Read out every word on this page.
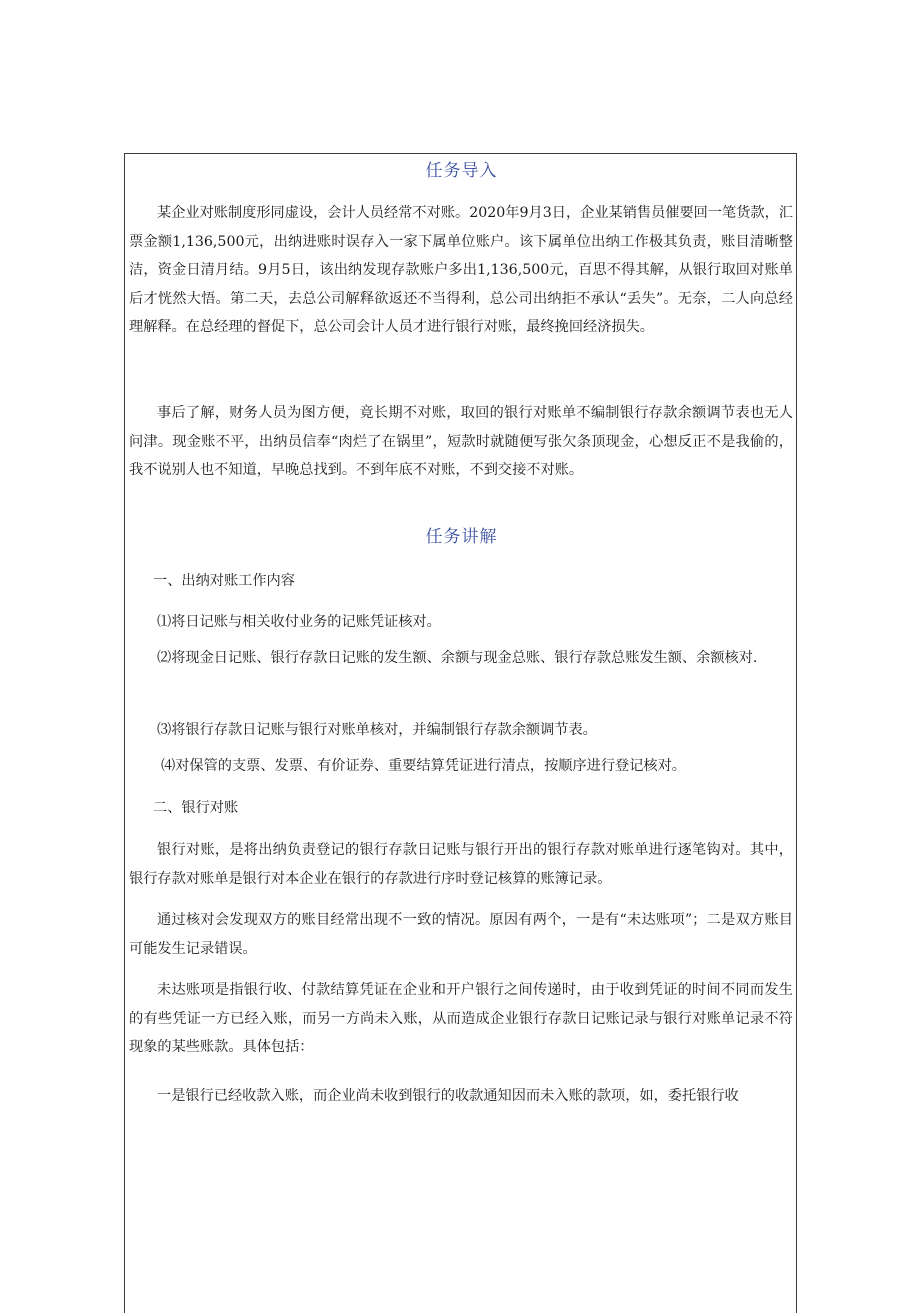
任务导入
某企业对账制度形同虚设，会计人员经常不对账。2020年9月3日，企业某销售员催要回一笔货款，汇票金额1,136,500元，出纳进账时误存入一家下属单位账户。该下属单位出纳工作极其负责，账目清晰整洁，资金日清月结。9月5日，该出纳发现存款账户多出1,136,500元，百思不得其解，从银行取回对账单后才恍然大悟。第二天，去总公司解释欲返还不当得利，总公司出纳拒不承认“丢失”。无奈，二人向总经理解释。在总经理的督促下，总公司会计人员才进行银行对账，最终挽回经济损失。
事后了解，财务人员为图方便，竟长期不对账，取回的银行对账单不编制银行存款余额调节表也无人问津。现金账不平，出纳员信奉“肉烂了在锅里”，短款时就随便写张欠条顶现金，心想反正不是我偷的，我不说别人也不知道，早晚总找到。不到年底不对账，不到交接不对账。
任务讲解
一、出纳对账工作内容
⑴将日记账与相关收付业务的记账凭证核对。
⑵将现金日记账、银行存款日记账的发生额、余额与现金总账、银行存款总账发生额、余额核对.
⑶将银行存款日记账与银行对账单核对，并编制银行存款余额调节表。
⑷对保管的支票、发票、有价证券、重要结算凭证进行清点，按顺序进行登记核对。
二、银行对账
银行对账，是将出纳负责登记的银行存款日记账与银行开出的银行存款对账单进行逐笔钩对。其中，银行存款对账单是银行对本企业在银行的存款进行序时登记核算的账簿记录。
通过核对会发现双方的账目经常出现不一致的情况。原因有两个，一是有“未达账项”；二是双方账目可能发生记录错误。
未达账项是指银行收、付款结算凭证在企业和开户银行之间传递时，由于收到凭证的时间不同而发生的有些凭证一方已经入账，而另一方尚未入账，从而造成企业银行存款日记账记录与银行对账单记录不符现象的某些账款。具体包括：
一是银行已经收款入账，而企业尚未收到银行的收款通知因而未入账的款项，如，委托银行收
